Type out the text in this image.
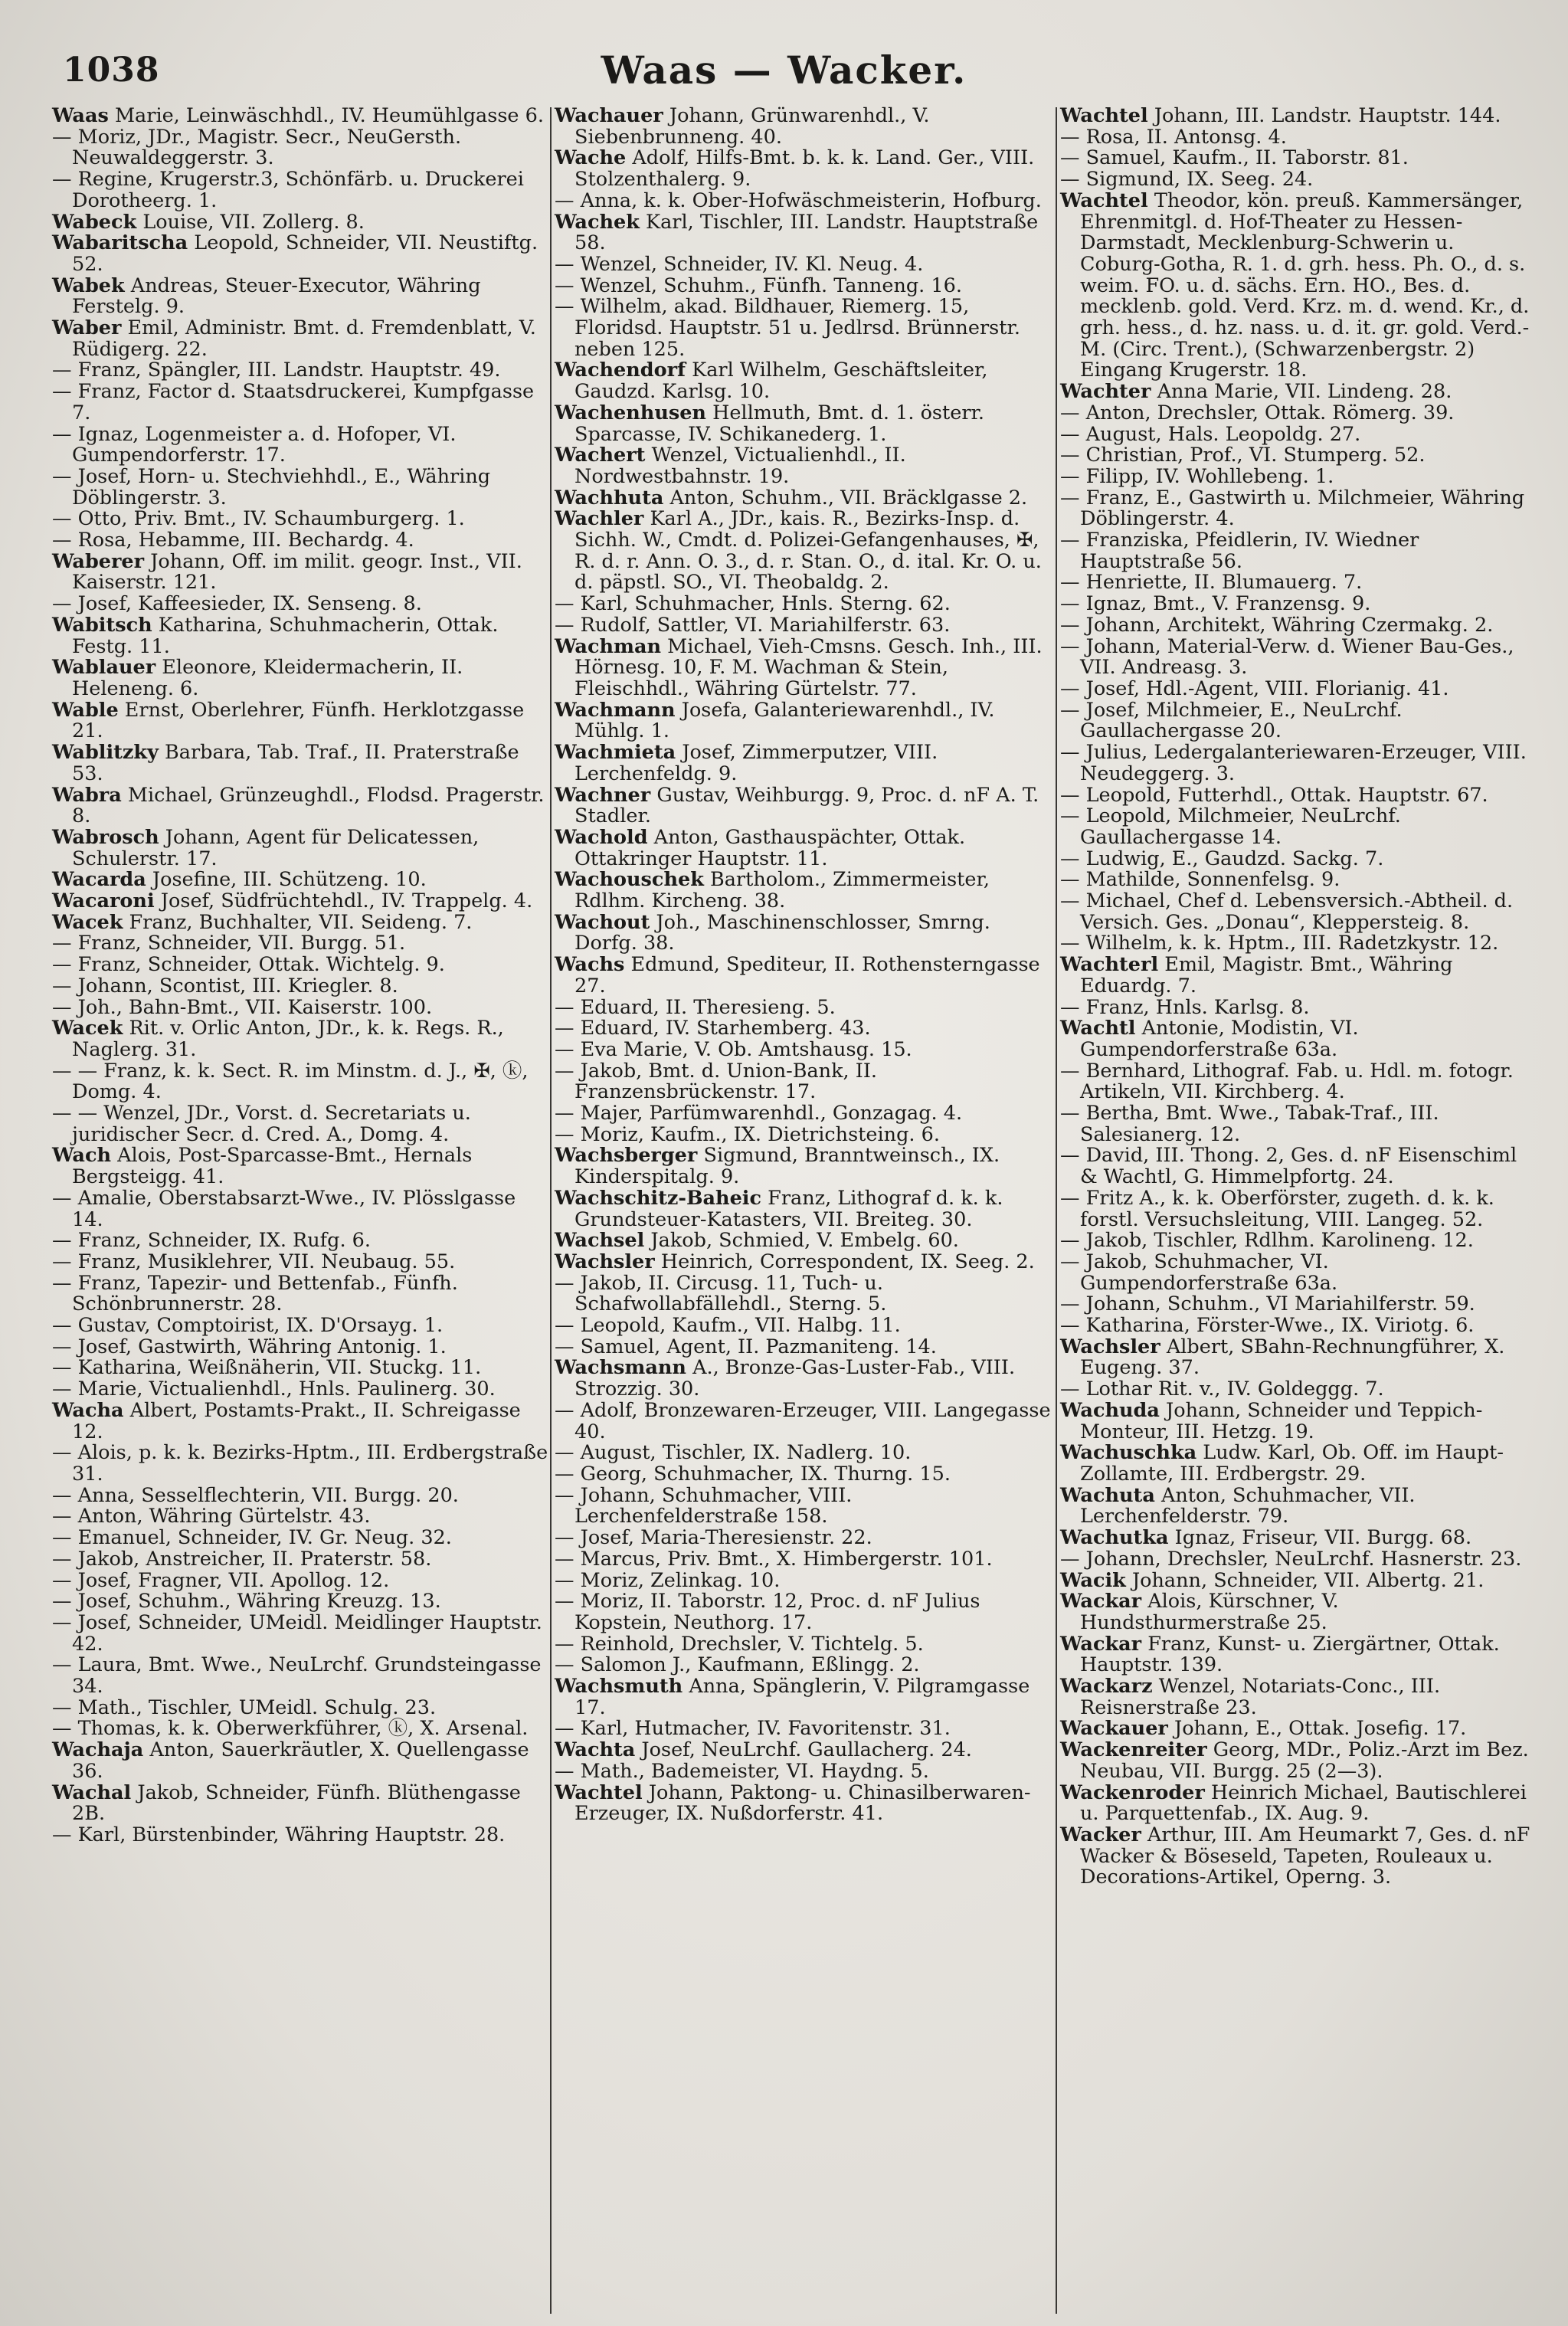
1038	Waas — Wacker.
Waas Marie, Leinwäschhdl., IV. Heumühlgasse 6.
— Moriz, JDr., Magistr. Secr., NeuGersth. Neuwaldeggerstr. 3.
— Regine, Krugerstr.3, Schönfärb. u. Druckerei Dorotheerg. 1.
Wabeck Louise, VII. Zollerg. 8.
Wabaritscha Leopold, Schneider, VII. Neustiftg. 52.
Wabek Andreas, Steuer-Executor, Währing Ferstelg. 9.
Waber Emil, Administr. Bmt. d. Fremdenblatt, V. Rüdigerg. 22.
— Franz, Spängler, III. Landstr. Hauptstr. 49.
— Franz, Factor d. Staatsdruckerei, Kumpfgasse 7.
— Ignaz, Logenmeister a. d. Hofoper, VI. Gumpendorferstr. 17.
— Josef, Horn- u. Stechviehhdl., E., Währing Döblingerstr. 3.
— Otto, Priv. Bmt., IV. Schaumburgerg. 1.
— Rosa, Hebamme, III. Bechardg. 4.
Waberer Johann, Off. im milit. geogr. Inst., VII. Kaiserstr. 121.
— Josef, Kaffeesieder, IX. Senseng. 8.
Wabitsch Katharina, Schuhmacherin, Ottak. Festg. 11.
Wablauer Eleonore, Kleidermacherin, II. Heleneng. 6.
Wable Ernst, Oberlehrer, Fünfh. Herklotzgasse 21.
Wablitzky Barbara, Tab. Traf., II. Praterstraße 53.
Wabra Michael, Grünzeughdl., Flodsd. Pragerstr. 8.
Wabrosch Johann, Agent für Delicatessen, Schulerstr. 17.
Wacarda Josefine, III. Schützeng. 10.
Wacaroni Josef, Südfrüchtehdl., IV. Trappelg. 4.
Wacek Franz, Buchhalter, VII. Seideng. 7.
— Franz, Schneider, VII. Burgg. 51.
— Franz, Schneider, Ottak. Wichtelg. 9.
— Johann, Scontist, III. Kriegler. 8.
— Joh., Bahn-Bmt., VII. Kaiserstr. 100.
Wacek Rit. v. Orlic Anton, JDr., k. k. Regs. R., Naglerg. 31.
— — Franz, k. k. Sect. R. im Minstm. d. J., ✠, ⓚ, Domg. 4.
— — Wenzel, JDr., Vorst. d. Secretariats u. juridischer Secr. d. Cred. A., Domg. 4.
Wach Alois, Post-Sparcasse-Bmt., Hernals Bergsteigg. 41.
— Amalie, Oberstabsarzt-Wwe., IV. Plösslgasse 14.
— Franz, Schneider, IX. Rufg. 6.
— Franz, Musiklehrer, VII. Neubaug. 55.
— Franz, Tapezir- und Bettenfab., Fünfh. Schönbrunnerstr. 28.
— Gustav, Comptoirist, IX. D'Orsayg. 1.
— Josef, Gastwirth, Währing Antonig. 1.
— Katharina, Weißnäherin, VII. Stuckg. 11.
— Marie, Victualienhdl., Hnls. Paulinerg. 30.
Wacha Albert, Postamts-Prakt., II. Schreigasse 12.
— Alois, p. k. k. Bezirks-Hptm., III. Erdbergstraße 31.
— Anna, Sesselflechterin, VII. Burgg. 20.
— Anton, Währing Gürtelstr. 43.
— Emanuel, Schneider, IV. Gr. Neug. 32.
— Jakob, Anstreicher, II. Praterstr. 58.
— Josef, Fragner, VII. Apollog. 12.
— Josef, Schuhm., Währing Kreuzg. 13.
— Josef, Schneider, UMeidl. Meidlinger Hauptstr. 42.
— Laura, Bmt. Wwe., NeuLrchf. Grundsteingasse 34.
— Math., Tischler, UMeidl. Schulg. 23.
— Thomas, k. k. Oberwerkführer, ⓚ, X. Arsenal.
Wachaja Anton, Sauerkräutler, X. Quellengasse 36.
Wachal Jakob, Schneider, Fünfh. Blüthengasse 2B.
— Karl, Bürstenbinder, Währing Hauptstr. 28.
Wachauer Johann, Grünwarenhdl., V. Siebenbrunneng. 40.
Wache Adolf, Hilfs-Bmt. b. k. k. Land. Ger., VIII. Stolzenthalerg. 9.
— Anna, k. k. Ober-Hofwäschmeisterin, Hofburg.
Wachek Karl, Tischler, III. Landstr. Hauptstraße 58.
— Wenzel, Schneider, IV. Kl. Neug. 4.
— Wenzel, Schuhm., Fünfh. Tanneng. 16.
— Wilhelm, akad. Bildhauer, Riemerg. 15, Floridsd. Hauptstr. 51 u. Jedlrsd. Brünnerstr. neben 125.
Wachendorf Karl Wilhelm, Geschäftsleiter, Gaudzd. Karlsg. 10.
Wachenhusen Hellmuth, Bmt. d. 1. österr. Sparcasse, IV. Schikanederg. 1.
Wachert Wenzel, Victualienhdl., II. Nordwestbahnstr. 19.
Wachhuta Anton, Schuhm., VII. Bräcklgasse 2.
Wachler Karl A., JDr., kais. R., Bezirks-Insp. d. Sichh. W., Cmdt. d. Polizei-Gefangenhauses, ✠, R. d. r. Ann. O. 3., d. r. Stan. O., d. ital. Kr. O. u. d. päpstl. SO., VI. Theobaldg. 2.
— Karl, Schuhmacher, Hnls. Sterng. 62.
— Rudolf, Sattler, VI. Mariahilferstr. 63.
Wachman Michael, Vieh-Cmsns. Gesch. Inh., III. Hörnesg. 10, F. M. Wachman & Stein, Fleischhdl., Währing Gürtelstr. 77.
Wachmann Josefa, Galanteriewarenhdl., IV. Mühlg. 1.
Wachmieta Josef, Zimmerputzer, VIII. Lerchenfeldg. 9.
Wachner Gustav, Weihburgg. 9, Proc. d. nF A. T. Stadler.
Wachold Anton, Gasthauspächter, Ottak. Ottakringer Hauptstr. 11.
Wachouschek Bartholom., Zimmermeister, Rdlhm. Kircheng. 38.
Wachout Joh., Maschinenschlosser, Smrng. Dorfg. 38.
Wachs Edmund, Spediteur, II. Rothensterngasse 27.
— Eduard, II. Theresieng. 5.
— Eduard, IV. Starhemberg. 43.
— Eva Marie, V. Ob. Amtshausg. 15.
— Jakob, Bmt. d. Union-Bank, II. Franzensbrückenstr. 17.
— Majer, Parfümwarenhdl., Gonzagag. 4.
— Moriz, Kaufm., IX. Dietrichsteing. 6.
Wachsberger Sigmund, Branntweinsch., IX. Kinderspitalg. 9.
Wachschitz-Baheic Franz, Lithograf d. k. k. Grundsteuer-Katasters, VII. Breiteg. 30.
Wachsel Jakob, Schmied, V. Embelg. 60.
Wachsler Heinrich, Correspondent, IX. Seeg. 2.
— Jakob, II. Circusg. 11, Tuch- u. Schafwollabfällehdl., Sterng. 5.
— Leopold, Kaufm., VII. Halbg. 11.
— Samuel, Agent, II. Pazmaniteng. 14.
Wachsmann A., Bronze-Gas-Luster-Fab., VIII. Strozzig. 30.
— Adolf, Bronzewaren-Erzeuger, VIII. Langegasse 40.
— August, Tischler, IX. Nadlerg. 10.
— Georg, Schuhmacher, IX. Thurng. 15.
— Johann, Schuhmacher, VIII. Lerchenfelderstraße 158.
— Josef, Maria-Theresienstr. 22.
— Marcus, Priv. Bmt., X. Himbergerstr. 101.
— Moriz, Zelinkag. 10.
— Moriz, II. Taborstr. 12, Proc. d. nF Julius Kopstein, Neuthorg. 17.
— Reinhold, Drechsler, V. Tichtelg. 5.
— Salomon J., Kaufmann, Eßlingg. 2.
Wachsmuth Anna, Spänglerin, V. Pilgramgasse 17.
— Karl, Hutmacher, IV. Favoritenstr. 31.
Wachta Josef, NeuLrchf. Gaullacherg. 24.
— Math., Bademeister, VI. Haydng. 5.
Wachtel Johann, Paktong- u. Chinasilberwaren-Erzeuger, IX. Nußdorferstr. 41.
Wachtel Johann, III. Landstr. Hauptstr. 144.
— Rosa, II. Antonsg. 4.
— Samuel, Kaufm., II. Taborstr. 81.
— Sigmund, IX. Seeg. 24.
Wachtel Theodor, kön. preuß. Kammersänger, Ehrenmitgl. d. Hof-Theater zu Hessen-Darmstadt, Mecklenburg-Schwerin u. Coburg-Gotha, R. 1. d. grh. hess. Ph. O., d. s. weim. FO. u. d. sächs. Ern. HO., Bes. d. mecklenb. gold. Verd. Krz. m. d. wend. Kr., d. grh. hess., d. hz. nass. u. d. it. gr. gold. Verd.-M. (Circ. Trent.), (Schwarzenbergstr. 2) Eingang Krugerstr. 18.
Wachter Anna Marie, VII. Lindeng. 28.
— Anton, Drechsler, Ottak. Römerg. 39.
— August, Hals. Leopoldg. 27.
— Christian, Prof., VI. Stumperg. 52.
— Filipp, IV. Wohllebeng. 1.
— Franz, E., Gastwirth u. Milchmeier, Währing Döblingerstr. 4.
— Franziska, Pfeidlerin, IV. Wiedner Hauptstraße 56.
— Henriette, II. Blumauerg. 7.
— Ignaz, Bmt., V. Franzensg. 9.
— Johann, Architekt, Währing Czermakg. 2.
— Johann, Material-Verw. d. Wiener Bau-Ges., VII. Andreasg. 3.
— Josef, Hdl.-Agent, VIII. Florianig. 41.
— Josef, Milchmeier, E., NeuLrchf. Gaullachergasse 20.
— Julius, Ledergalanteriewaren-Erzeuger, VIII. Neudeggerg. 3.
— Leopold, Futterhdl., Ottak. Hauptstr. 67.
— Leopold, Milchmeier, NeuLrchf. Gaullachergasse 14.
— Ludwig, E., Gaudzd. Sackg. 7.
— Mathilde, Sonnenfelsg. 9.
— Michael, Chef d. Lebensversich.-Abtheil. d. Versich. Ges. „Donau“, Kleppersteig. 8.
— Wilhelm, k. k. Hptm., III. Radetzkystr. 12.
Wachterl Emil, Magistr. Bmt., Währing Eduardg. 7.
— Franz, Hnls. Karlsg. 8.
Wachtl Antonie, Modistin, VI. Gumpendorferstraße 63a.
— Bernhard, Lithograf. Fab. u. Hdl. m. fotogr. Artikeln, VII. Kirchberg. 4.
— Bertha, Bmt. Wwe., Tabak-Traf., III. Salesianerg. 12.
— David, III. Thong. 2, Ges. d. nF Eisenschiml & Wachtl, G. Himmelpfortg. 24.
— Fritz A., k. k. Oberförster, zugeth. d. k. k. forstl. Versuchsleitung, VIII. Langeg. 52.
— Jakob, Tischler, Rdlhm. Karolineng. 12.
— Jakob, Schuhmacher, VI. Gumpendorferstraße 63a.
— Johann, Schuhm., VI Mariahilferstr. 59.
— Katharina, Förster-Wwe., IX. Viriotg. 6.
Wachsler Albert, SBahn-Rechnungführer, X. Eugeng. 37.
— Lothar Rit. v., IV. Goldeggg. 7.
Wachuda Johann, Schneider und Teppich-Monteur, III. Hetzg. 19.
Wachuschka Ludw. Karl, Ob. Off. im Haupt-Zollamte, III. Erdbergstr. 29.
Wachuta Anton, Schuhmacher, VII. Lerchenfelderstr. 79.
Wachutka Ignaz, Friseur, VII. Burgg. 68.
— Johann, Drechsler, NeuLrchf. Hasnerstr. 23.
Wacik Johann, Schneider, VII. Albertg. 21.
Wackar Alois, Kürschner, V. Hundsthurmerstraße 25.
Wackar Franz, Kunst- u. Ziergärtner, Ottak. Hauptstr. 139.
Wackarz Wenzel, Notariats-Conc., III. Reisnerstraße 23.
Wackauer Johann, E., Ottak. Josefig. 17.
Wackenreiter Georg, MDr., Poliz.-Arzt im Bez. Neubau, VII. Burgg. 25 (2—3).
Wackenroder Heinrich Michael, Bautischlerei u. Parquettenfab., IX. Aug. 9.
Wacker Arthur, III. Am Heumarkt 7, Ges. d. nF Wacker & Böseseld, Tapeten, Rouleaux u. Decorations-Artikel, Operng. 3.
